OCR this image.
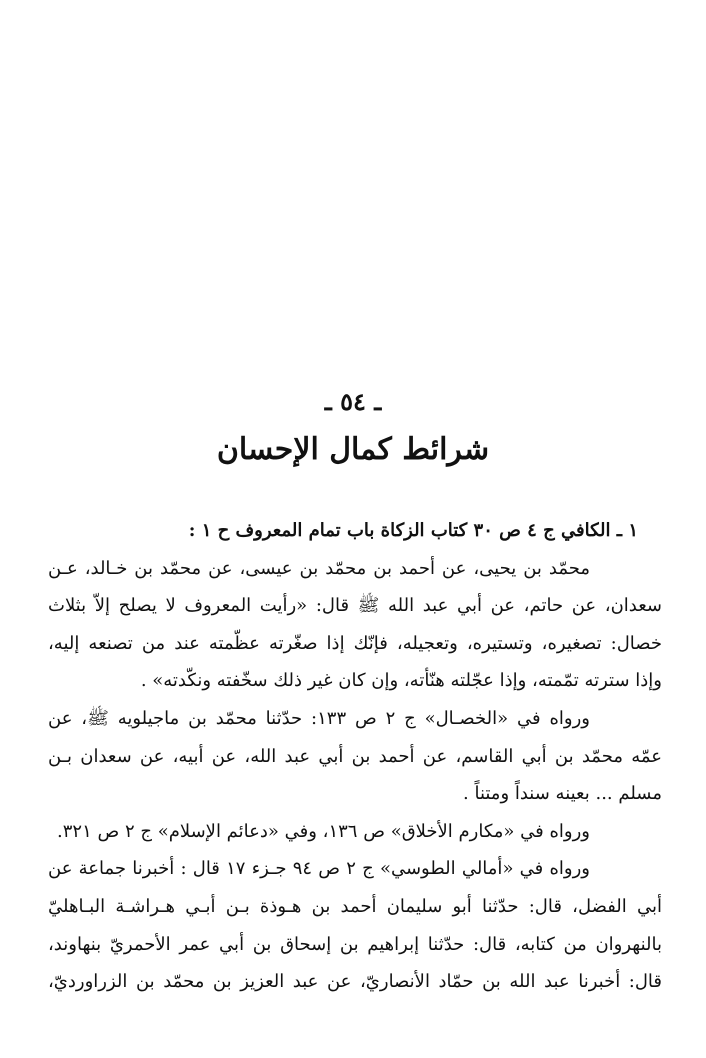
ـ ٥٤ ـ
شرائط كمال الإحسان
١ ـ الكافي ج ٤ ص ٣٠ كتاب الزكاة باب تمام المعروف ح ١ :
محمّد بن يحيى، عن أحمد بن محمّد بن عيسى، عن محمّد بن خـالد، عـن
سعدان، عن حاتم، عن أبي عبد الله ﷺ قال: «رأيت المعروف لا يصلح إلاّ بثلاث
خصال: تصغيره، وتستيره، وتعجيله، فإنّك إذا صغّرته عظّمته عند من تصنعه إليه،
وإذا سترته تمّمته، وإذا عجّلته هنّأته، وإن كان غير ذلك سخّفته ونكّدته» .
ورواه في «الخصـال» ج ٢ ص ١٣٣: حدّثنا محمّد بن ماجيلويه ﷺ، عن
عمّه محمّد بن أبي القاسم، عن أحمد بن أبي عبد الله، عن أبيه، عن سعدان بـن
مسلم ... بعينه سنداً ومتناً .
ورواه في «مكارم الأخلاق» ص ١٣٦، وفي «دعائم الإسلام» ج ٢ ص ٣٢١.
ورواه في «أمالي الطوسي» ج ٢ ص ٩٤ جـزء ١٧ قال : أخبرنا جماعة عن
أبي الفضل، قال: حدّثنا أبو سليمان أحمد بن هـوذة بـن أبـي هـراشـة البـاهليّ
بالنهروان من كتابه، قال: حدّثنا إبراهيم بن إسحاق بن أبي عمر الأحمريّ بنهاوند،
قال: أخبرنا عبد الله بن حمّاد الأنصاريّ، عن عبد العزيز بن محمّد بن الزراورديّ،
